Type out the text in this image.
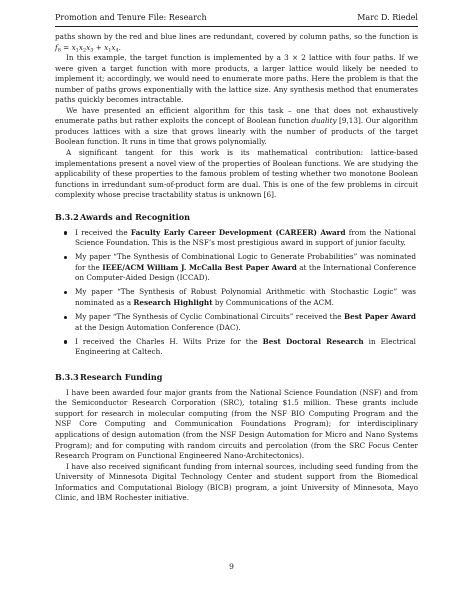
Promotion and Tenure File: Research	Marc D. Riedel

paths shown by the red and blue lines are redundant, covered by column paths, so the function is $f_8 = x_1x_2x_3 + x_1x_4$.

In this example, the target function is implemented by a 3 × 2 lattice with four paths. If we were given a target function with more products, a larger lattice would likely be needed to implement it; accordingly, we would need to enumerate more paths. Here the problem is that the number of paths grows exponentially with the lattice size. Any synthesis method that enumerates paths quickly becomes intractable.

We have presented an efficient algorithm for this task – one that does not exhaustively enumerate paths but rather exploits the concept of Boolean function duality [9,13]. Our algorithm produces lattices with a size that grows linearly with the number of products of the target Boolean function. It runs in time that grows polynomially.

A significant tangent for this work is its mathematical contribution: lattice-based implementations present a novel view of the properties of Boolean functions. We are studying the applicability of these properties to the famous problem of testing whether two monotone Boolean functions in irredundant sum-of-product form are dual. This is one of the few problems in circuit complexity whose precise tractability status is unknown [6].

B.3.2Awards and Recognition
I received the Faculty Early Career Development (CAREER) Award from the National Science Foundation. This is the NSF’s most prestigious award in support of junior faculty.
My paper “The Synthesis of Combinational Logic to Generate Probabilities” was nominated for the IEEE/ACM William J. McCalla Best Paper Award at the International Conference on Computer-Aided Design (ICCAD).
My paper “The Synthesis of Robust Polynomial Arithmetic with Stochastic Logic” was nominated as a Research Highlight by Communications of the ACM.
My paper “The Synthesis of Cyclic Combinational Circuits” received the Best Paper Award at the Design Automation Conference (DAC).
I received the Charles H. Wilts Prize for the Best Doctoral Research in Electrical Engineering at Caltech.
B.3.3Research Funding

I have been awarded four major grants from the National Science Foundation (NSF) and from the Semiconductor Research Corporation (SRC), totaling $1.5 million. These grants include support for research in molecular computing (from the NSF BIO Computing Program and the NSF Core Computing and Communication Foundations Program); for interdisciplinary applications of design automation (from the NSF Design Automation for Micro and Nano Systems Program); and for computing with random circuits and percolation (from the SRC Focus Center Research Program on Functional Engineered Nano-Architectonics).

I have also received significant funding from internal sources, including seed funding from the University of Minnesota Digital Technology Center and student support from the Biomedical Informatics and Computational Biology (BICB) program, a joint University of Minnesota, Mayo Clinic, and IBM Rochester initiative.

9
